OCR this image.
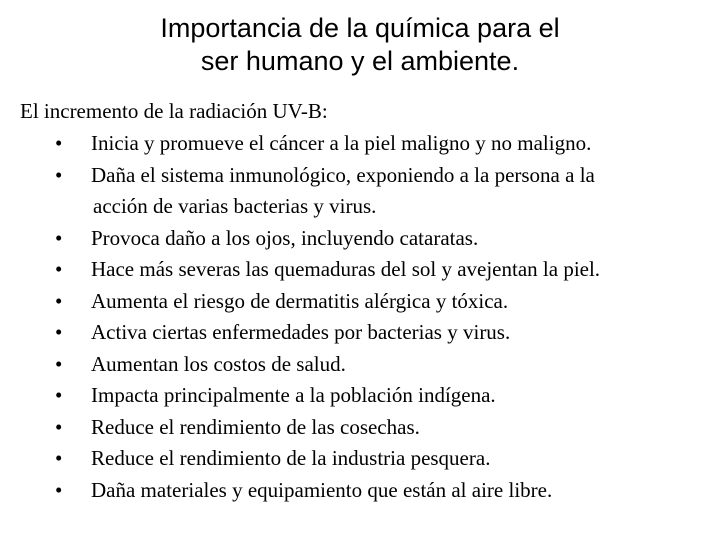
Importancia de la química para el
ser humano y el ambiente.
El incremento de la radiación UV-B:
• Inicia y promueve el cáncer a la piel maligno y no maligno.
• Daña el sistema inmunológico, exponiendo a la persona a la
acción de varias bacterias y virus.
• Provoca daño a los ojos, incluyendo cataratas.
• Hace más severas las quemaduras del sol y avejentan la piel.
• Aumenta el riesgo de dermatitis alérgica y tóxica.
• Activa ciertas enfermedades por bacterias y virus.
• Aumentan los costos de salud.
• Impacta principalmente a la población indígena.
• Reduce el rendimiento de las cosechas.
• Reduce el rendimiento de la industria pesquera.
• Daña materiales y equipamiento que están al aire libre.
